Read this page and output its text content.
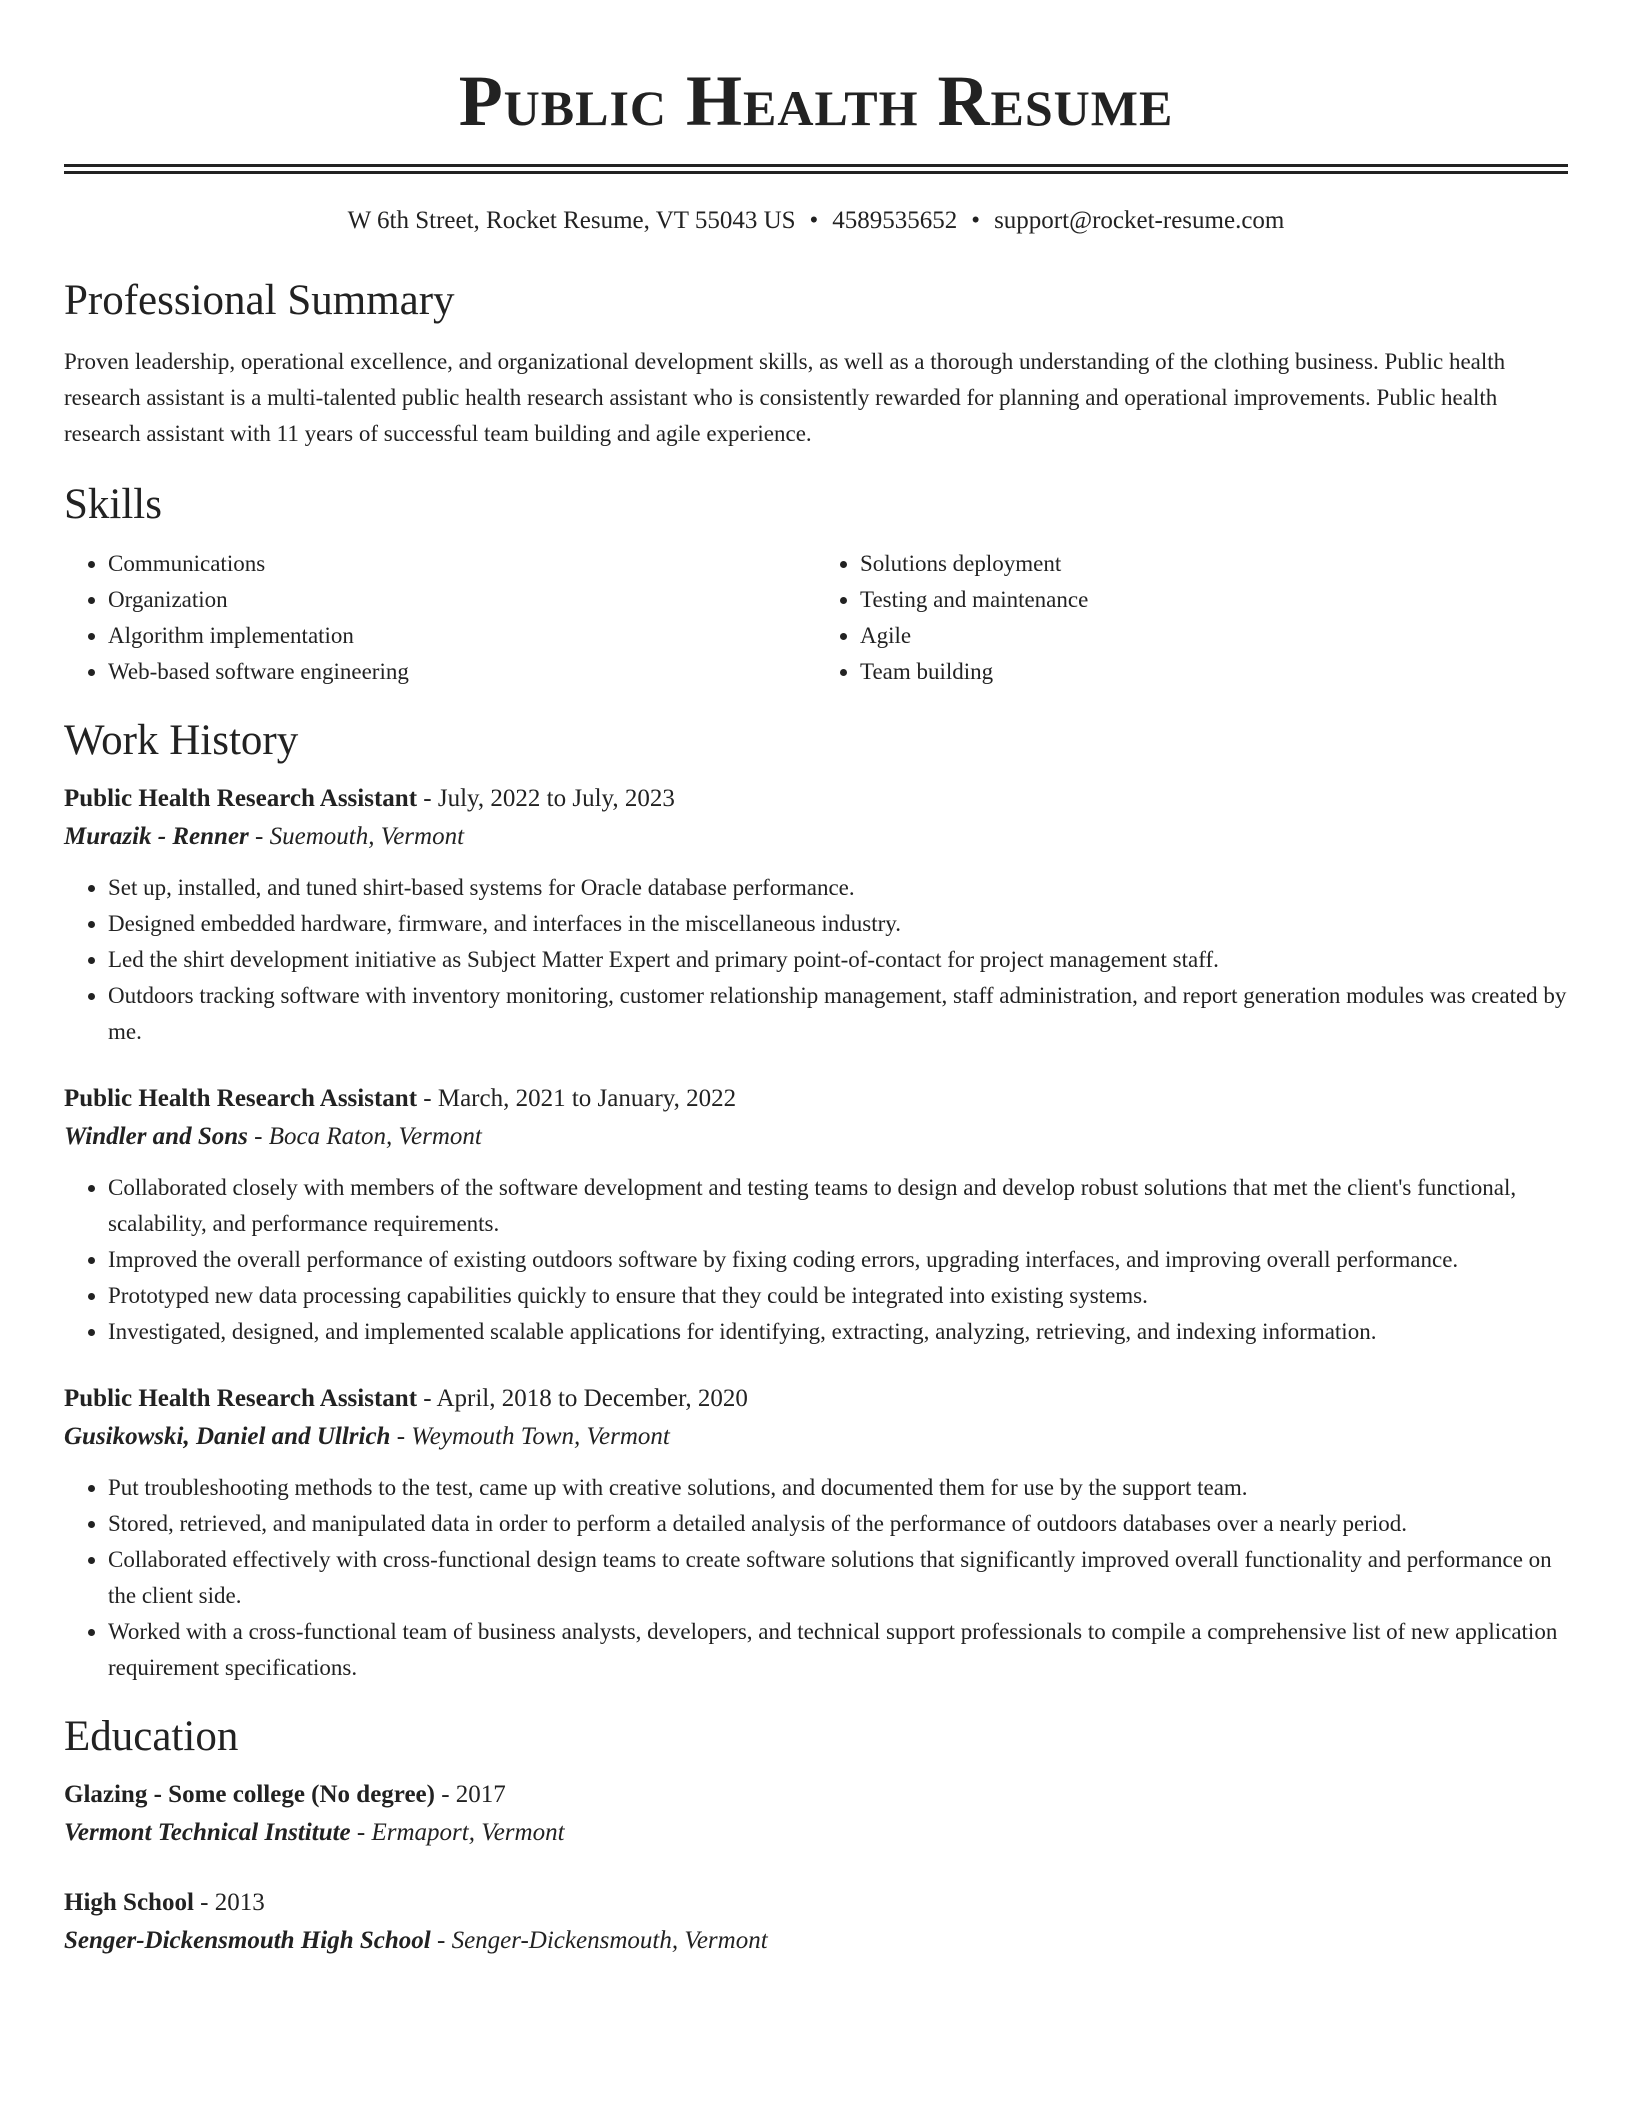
Public Health Resume
W 6th Street, Rocket Resume, VT 55043 US • 4589535652 • support@rocket-resume.com
Professional Summary

Proven leadership, operational excellence, and organizational development skills, as well as a thorough understanding of the clothing business. Public health research assistant is a multi-talented public health research assistant who is consistently rewarded for planning and operational improvements. Public health research assistant with 11 years of successful team building and agile experience.

Skills
• Communications
• Organization
• Algorithm implementation
• Web-based software engineering
• Solutions deployment
• Testing and maintenance
• Agile
• Team building
Work History
Public Health Research Assistant - July, 2022 to July, 2023
Murazik - Renner - Suemouth, Vermont
• Set up, installed, and tuned shirt-based systems for Oracle database performance.
• Designed embedded hardware, firmware, and interfaces in the miscellaneous industry.
• Led the shirt development initiative as Subject Matter Expert and primary point-of-contact for project management staff.
• Outdoors tracking software with inventory monitoring, customer relationship management, staff administration, and report generation modules was created by me.
Public Health Research Assistant - March, 2021 to January, 2022
Windler and Sons - Boca Raton, Vermont
• Collaborated closely with members of the software development and testing teams to design and develop robust solutions that met the client's functional, scalability, and performance requirements.
• Improved the overall performance of existing outdoors software by fixing coding errors, upgrading interfaces, and improving overall performance.
• Prototyped new data processing capabilities quickly to ensure that they could be integrated into existing systems.
• Investigated, designed, and implemented scalable applications for identifying, extracting, analyzing, retrieving, and indexing information.
Public Health Research Assistant - April, 2018 to December, 2020
Gusikowski, Daniel and Ullrich - Weymouth Town, Vermont
• Put troubleshooting methods to the test, came up with creative solutions, and documented them for use by the support team.
• Stored, retrieved, and manipulated data in order to perform a detailed analysis of the performance of outdoors databases over a nearly period.
• Collaborated effectively with cross-functional design teams to create software solutions that significantly improved overall functionality and performance on the client side.
• Worked with a cross-functional team of business analysts, developers, and technical support professionals to compile a comprehensive list of new application requirement specifications.
Education
Glazing - Some college (No degree) - 2017
Vermont Technical Institute - Ermaport, Vermont
High School - 2013
Senger-Dickensmouth High School - Senger-Dickensmouth, Vermont
